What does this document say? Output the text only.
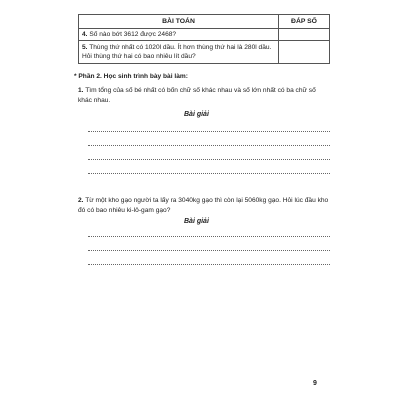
BÀI TOÁN	ĐÁP SỐ
4. Số nào bớt 3612 được 2468?	
5. Thùng thứ nhất có 1020l dầu. Ít hơn thùng thứ hai là 280l dầu. Hỏi thùng thứ hai có bao nhiêu lít dầu?	
* Phần 2. Học sinh trình bày bài làm:
1. Tìm tổng của số bé nhất có bốn chữ số khác nhau và số lớn nhất có ba chữ số khác nhau.
Bài giải
2. Từ một kho gạo người ta lấy ra 3040kg gạo thì còn lại 5060kg gạo. Hỏi lúc đầu kho đó có bao nhiêu ki-lô-gam gạo?
Bài giải
9
